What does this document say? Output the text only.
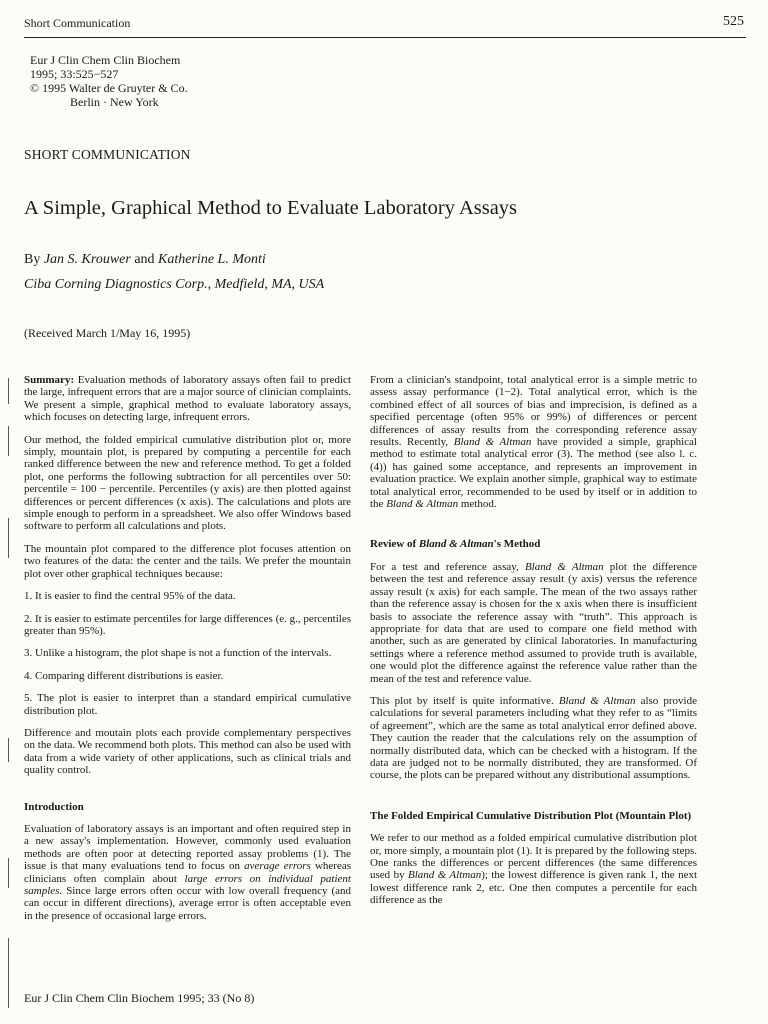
Short Communication	525
Eur J Clin Chem Clin Biochem
1995; 33:525−527
© 1995 Walter de Gruyter & Co.
Berlin · New York
SHORT COMMUNICATION
A Simple, Graphical Method to Evaluate Laboratory Assays
By Jan S. Krouwer and Katherine L. Monti
Ciba Corning Diagnostics Corp., Medfield, MA, USA
(Received March 1/May 16, 1995)

Summary: Evaluation methods of laboratory assays often fail to predict the large, infrequent errors that are a major source of clinician complaints. We present a simple, graphical method to evaluate laboratory assays, which focuses on detecting large, infrequent errors.

Our method, the folded empirical cumulative distribution plot or, more simply, mountain plot, is prepared by computing a percentile for each ranked difference between the new and reference method. To get a folded plot, one performs the following subtraction for all percentiles over 50: percentile = 100 − percentile. Percentiles (y axis) are then plotted against differences or percent differences (x axis). The calculations and plots are simple enough to perform in a spreadsheet. We also offer Windows based software to perform all calculations and plots.

The mountain plot compared to the difference plot focuses attention on two features of the data: the center and the tails. We prefer the mountain plot over other graphical techniques because:

1. It is easier to find the central 95% of the data.

2. It is easier to estimate percentiles for large differences (e. g., percentiles greater than 95%).

3. Unlike a histogram, the plot shape is not a function of the intervals.

4. Comparing different distributions is easier.

5. The plot is easier to interpret than a standard empirical cumulative distribution plot.

Difference and moutain plots each provide complementary perspectives on the data. We recommend both plots. This method can also be used with data from a wide variety of other applications, such as clinical trials and quality control.

Introduction

Evaluation of laboratory assays is an important and often required step in a new assay's implementation. However, commonly used evaluation methods are often poor at detecting reported assay problems (1). The issue is that many evaluations tend to focus on average errors whereas clinicians often complain about large errors on individual patient samples. Since large errors often occur with low overall frequency (and can occur in different directions), average error is often acceptable even in the presence of occasional large errors.

From a clinician's standpoint, total analytical error is a simple metric to assess assay performance (1−2). Total analytical error, which is the combined effect of all sources of bias and imprecision, is defined as a specified percentage (often 95% or 99%) of differences or percent differences of assay results from the corresponding reference assay results. Recently, Bland & Altman have provided a simple, graphical method to estimate total analytical error (3). The method (see also l. c. (4)) has gained some acceptance, and represents an improvement in evaluation practice. We explain another simple, graphical way to estimate total analytical error, recommended to be used by itself or in addition to the Bland & Altman method.

Review of Bland & Altman's Method

For a test and reference assay, Bland & Altman plot the difference between the test and reference assay result (y axis) versus the reference assay result (x axis) for each sample. The mean of the two assays rather than the reference assay is chosen for the x axis when there is insufficient basis to associate the reference assay with “truth”. This approach is appropriate for data that are used to compare one field method with another, such as are generated by clinical laboratories. In manufacturing settings where a reference method assumed to provide truth is available, one would plot the difference against the reference value rather than the mean of the test and reference value.

This plot by itself is quite informative. Bland & Altman also provide calculations for several parameters including what they refer to as “limits of agreement”, which are the same as total analytical error defined above. They caution the reader that the calculations rely on the assumption of normally distributed data, which can be checked with a histogram. If the data are judged not to be normally distributed, they are transformed. Of course, the plots can be prepared without any distributional assumptions.

The Folded Empirical Cumulative Distribution Plot (Mountain Plot)

We refer to our method as a folded empirical cumulative distribution plot or, more simply, a mountain plot (1). It is prepared by the following steps. One ranks the differences or percent differences (the same differences used by Bland & Altman); the lowest difference is given rank 1, the next lowest difference rank 2, etc. One then computes a percentile for each difference as the

Eur J Clin Chem Clin Biochem 1995; 33 (No 8)
